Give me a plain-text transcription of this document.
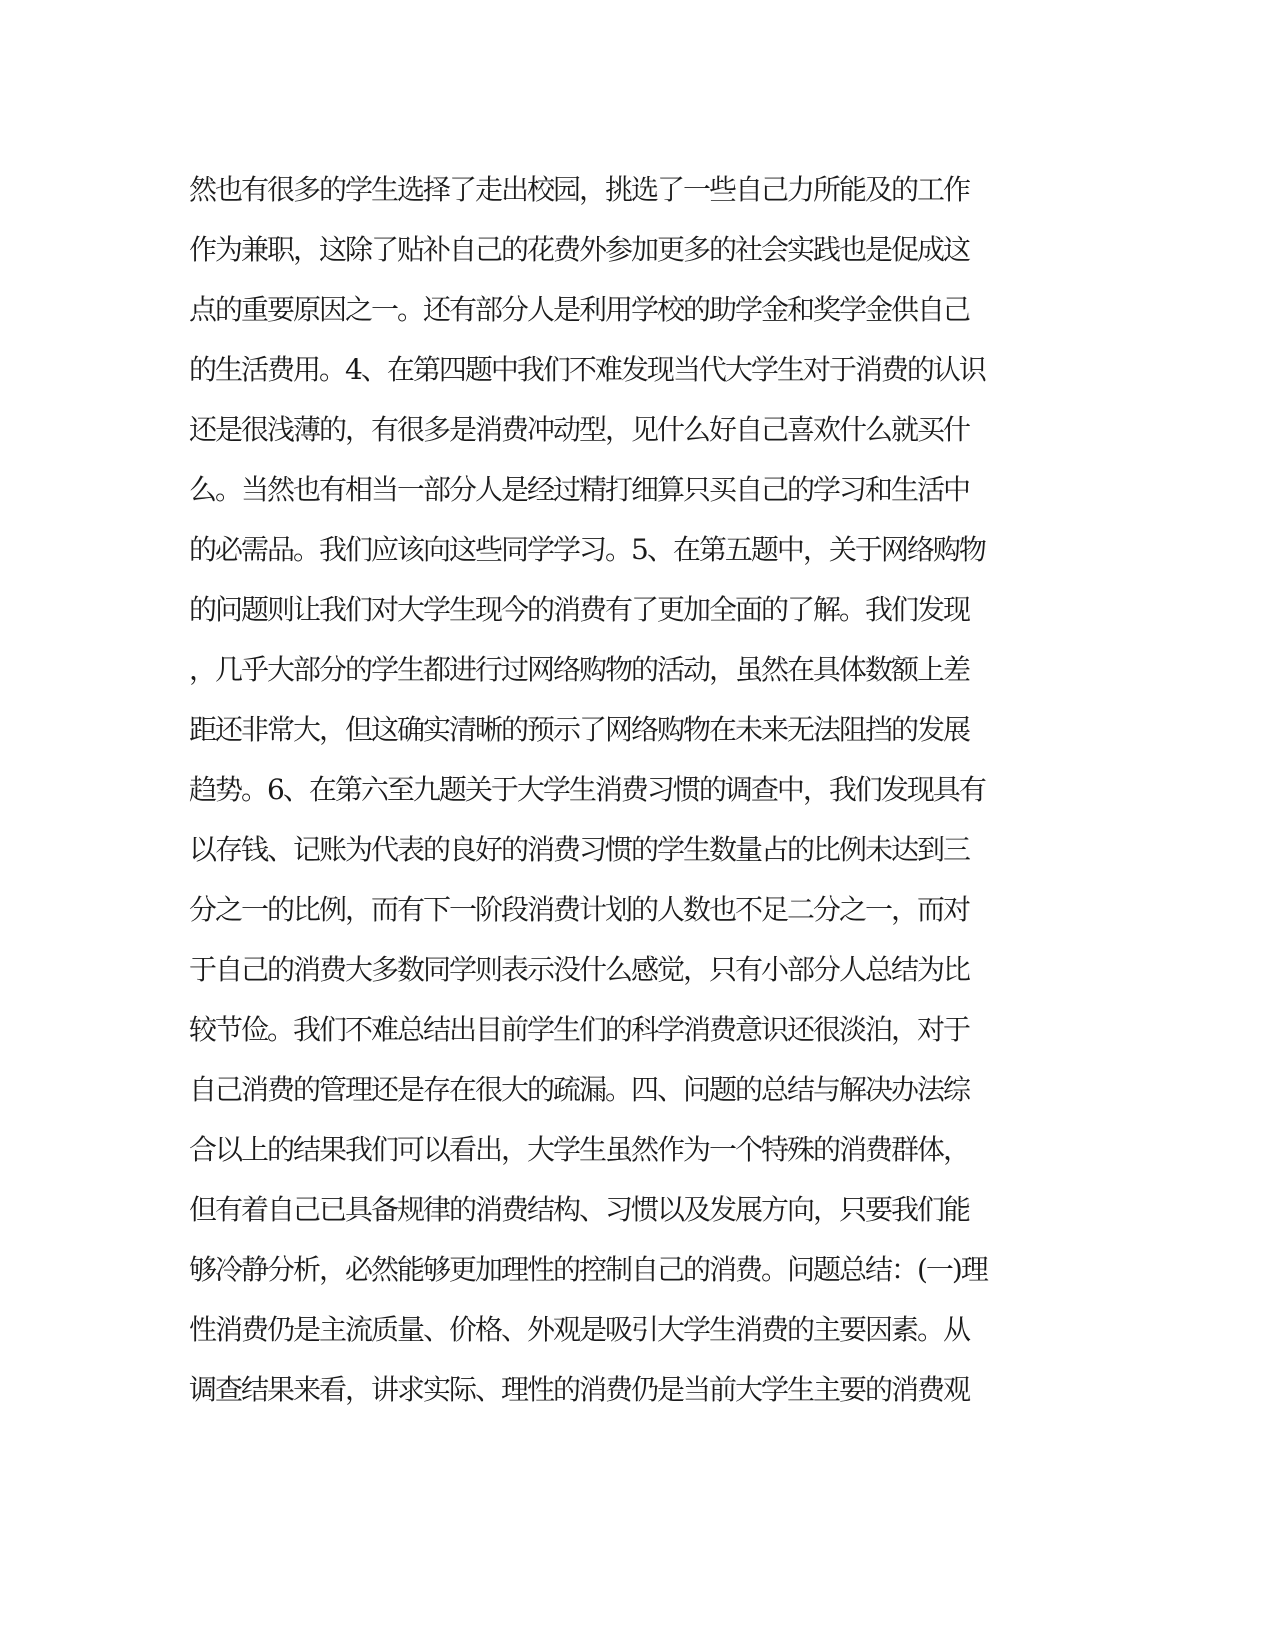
然也有很多的学生选择了走出校园，挑选了一些自己力所能及的工作
作为兼职，这除了贴补自己的花费外参加更多的社会实践也是促成这
点的重要原因之一。还有部分人是利用学校的助学金和奖学金供自己
的生活费用。4、在第四题中我们不难发现当代大学生对于消费的认识
还是很浅薄的，有很多是消费冲动型，见什么好自己喜欢什么就买什
么。当然也有相当一部分人是经过精打细算只买自己的学习和生活中
的必需品。我们应该向这些同学学习。5、在第五题中，关于网络购物
的问题则让我们对大学生现今的消费有了更加全面的了解。我们发现
，几乎大部分的学生都进行过网络购物的活动，虽然在具体数额上差
距还非常大，但这确实清晰的预示了网络购物在未来无法阻挡的发展
趋势。6、在第六至九题关于大学生消费习惯的调查中，我们发现具有
以存钱、记账为代表的良好的消费习惯的学生数量占的比例未达到三
分之一的比例，而有下一阶段消费计划的人数也不足二分之一，而对
于自己的消费大多数同学则表示没什么感觉，只有小部分人总结为比
较节俭。我们不难总结出目前学生们的科学消费意识还很淡泊，对于
自己消费的管理还是存在很大的疏漏。四、问题的总结与解决办法综
合以上的结果我们可以看出，大学生虽然作为一个特殊的消费群体，
但有着自己已具备规律的消费结构、习惯以及发展方向，只要我们能
够冷静分析，必然能够更加理性的控制自己的消费。问题总结：(一)理
性消费仍是主流质量、价格、外观是吸引大学生消费的主要因素。从
调查结果来看，讲求实际、理性的消费仍是当前大学生主要的消费观
